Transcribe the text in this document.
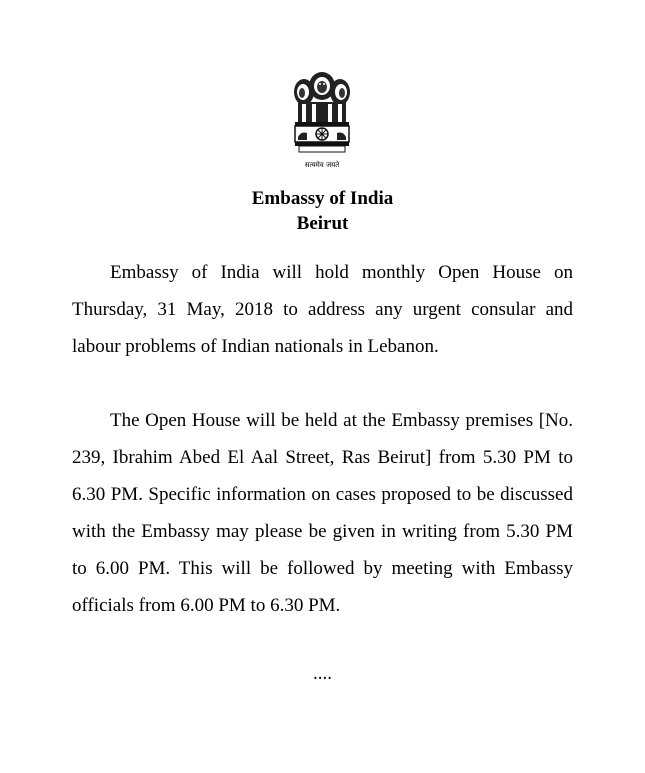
सत्यमेव जयते
Embassy of India
Beirut

Embassy of India will hold monthly Open House on Thursday, 31 May, 2018 to address any urgent consular and labour problems of Indian nationals in Lebanon.

The Open House will be held at the Embassy premises [No. 239, Ibrahim Abed El Aal Street, Ras Beirut] from 5.30 PM to 6.30 PM. Specific information on cases proposed to be discussed with the Embassy may please be given in writing from 5.30 PM to 6.00 PM. This will be followed by meeting with Embassy officials from 6.00 PM to 6.30 PM.

....
